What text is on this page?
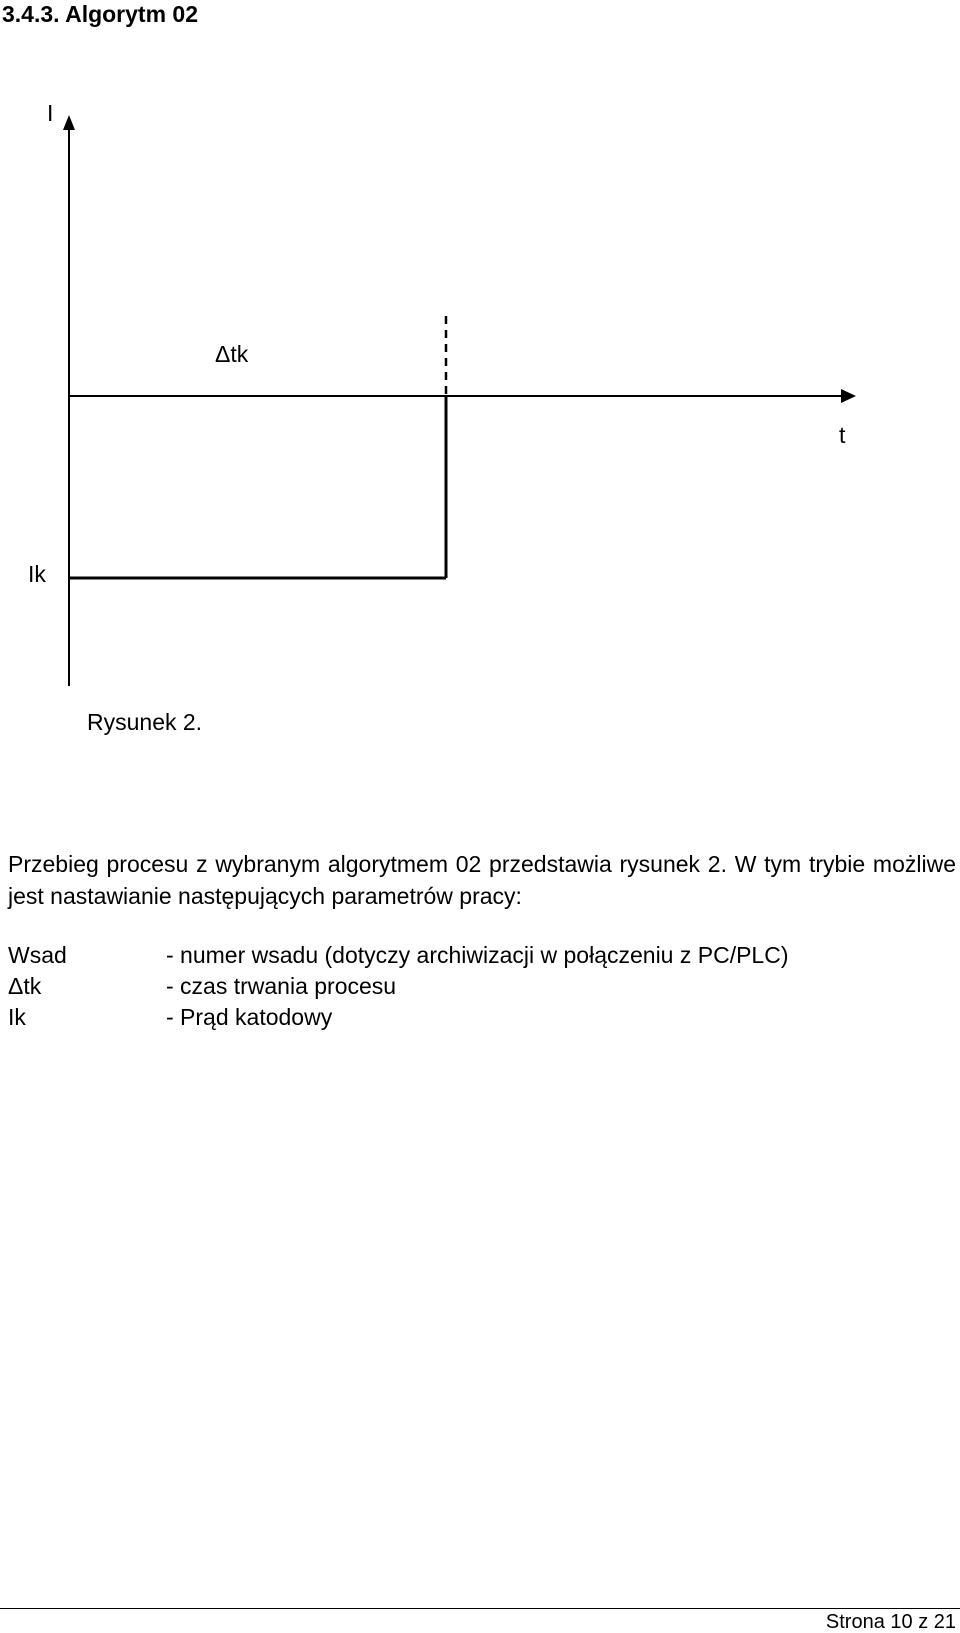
3.4.3. Algorytm 02
I
Δtk
t
Ik
Rysunek 2.
Przebieg procesu z wybranym algorytmem 02 przedstawia rysunek 2. W tym trybie możliwe jest nastawianie następujących parametrów pracy:
Wsad	- numer wsadu (dotyczy archiwizacji w połączeniu z PC/PLC)
Δtk	- czas trwania procesu
Ik	- Prąd katodowy
Strona 10 z 21
